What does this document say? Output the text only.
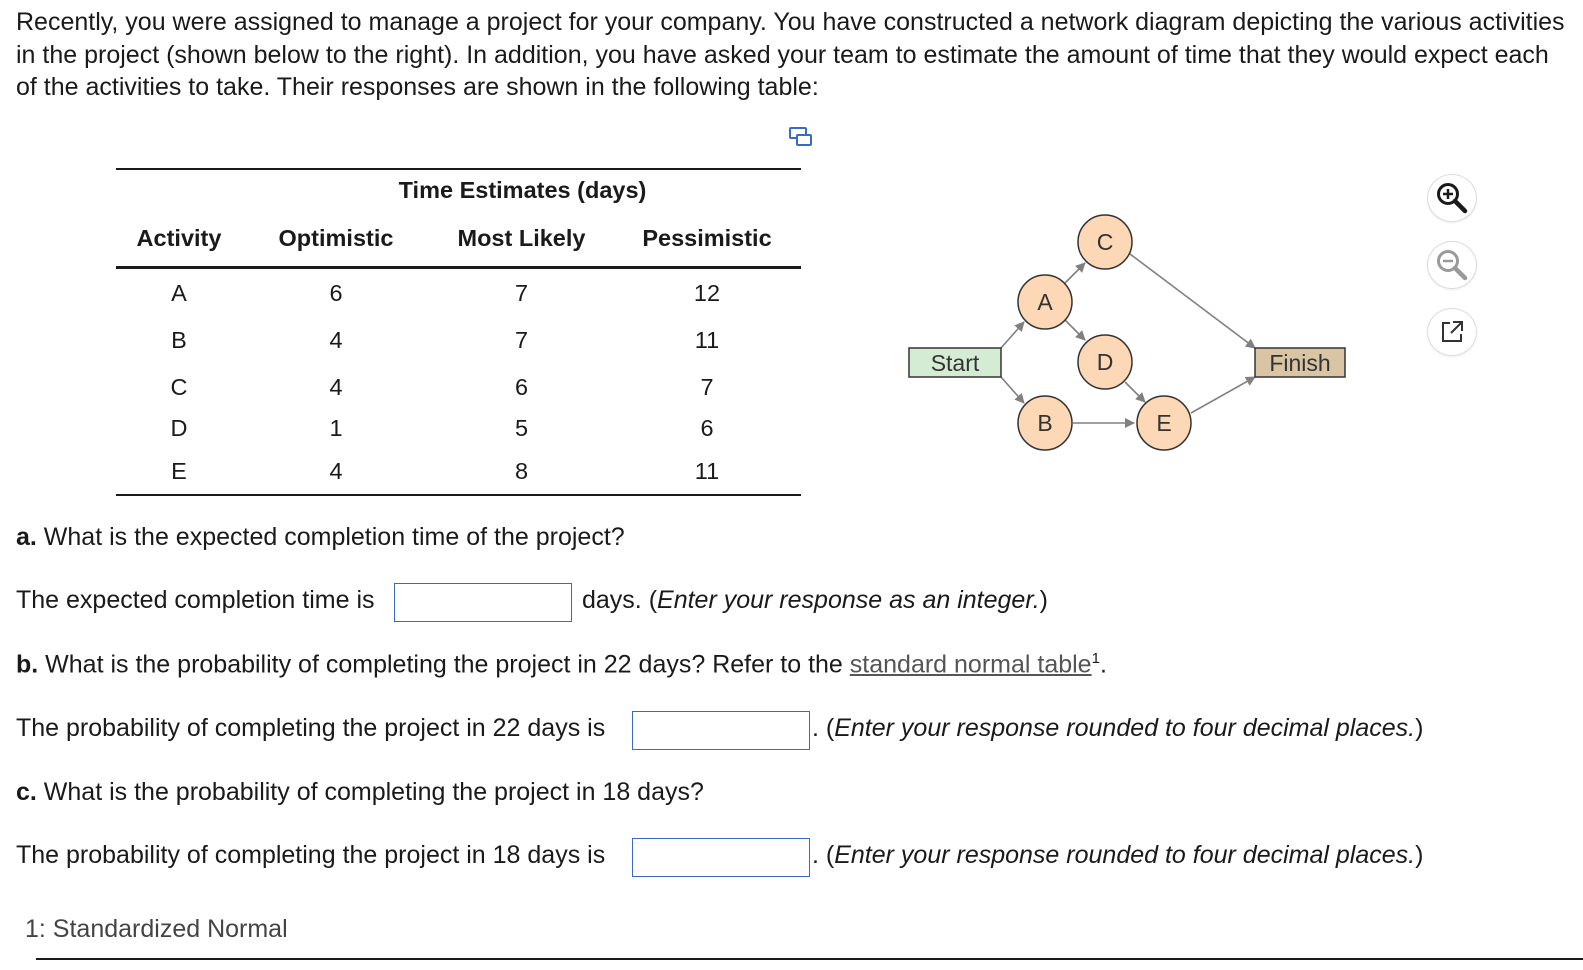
Recently, you were assigned to manage a project for your company. You have constructed a network diagram depicting the various activities in the project (shown below to the right). In addition, you have asked your team to estimate the amount of time that they would expect each of the activities to take. Their responses are shown in the following table:

Time Estimates (days)
Activity	Optimistic	Most Likely	Pessimistic
A	6	7	12
B	4	7	11
C	4	6	7
D	1	5	6
E	4	8	11
Start	Finish
A
B
C
D
E

a. What is the expected completion time of the project?

The expected completion time is	days. (Enter your response as an integer.)

b. What is the probability of completing the project in 22 days? Refer to the standard normal table$^1$.

The probability of completing the project in 22 days is	. (Enter your response rounded to four decimal places.)

c. What is the probability of completing the project in 18 days?

The probability of completing the project in 18 days is	. (Enter your response rounded to four decimal places.)
1: Standardized Normal
